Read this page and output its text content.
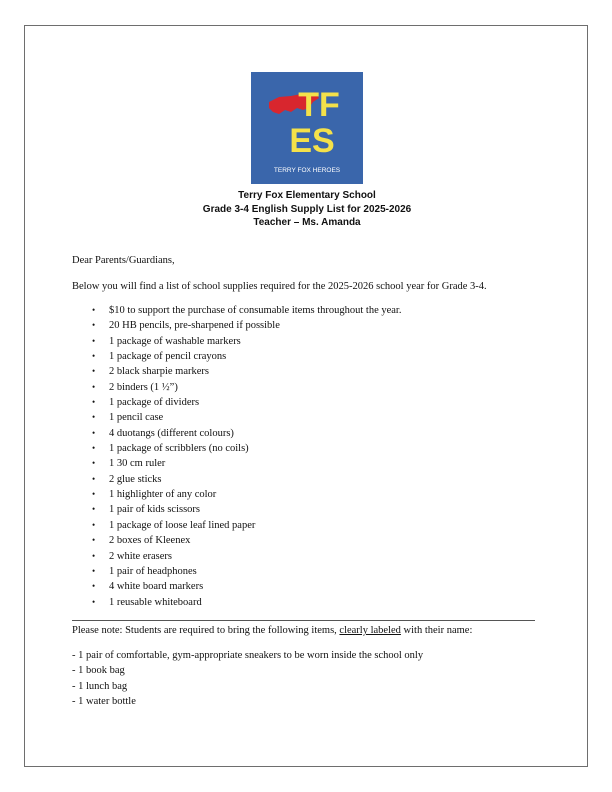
TF
ES
TERRY FOX HEROES
Terry Fox Elementary School
Grade 3-4 English Supply List for 2025-2026
Teacher – Ms. Amanda
Dear Parents/Guardians,
Below you will find a list of school supplies required for the 2025-2026 school year for Grade 3-4.
• $10 to support the purchase of consumable items throughout the year.
• 20 HB pencils, pre-sharpened if possible
• 1 package of washable markers
• 1 package of pencil crayons
• 2 black sharpie markers
• 2 binders (1 ½”)
• 1 package of dividers
• 1 pencil case
• 4 duotangs (different colours)
• 1 package of scribblers (no coils)
• 1 30 cm ruler
• 2 glue sticks
• 1 highlighter of any color
• 1 pair of kids scissors
• 1 package of loose leaf lined paper
• 2 boxes of Kleenex
• 2 white erasers
• 1 pair of headphones
• 4 white board markers
• 1 reusable whiteboard
Please note: Students are required to bring the following items, clearly labeled with their name:
- 1 pair of comfortable, gym-appropriate sneakers to be worn inside the school only
- 1 book bag
- 1 lunch bag
- 1 water bottle
